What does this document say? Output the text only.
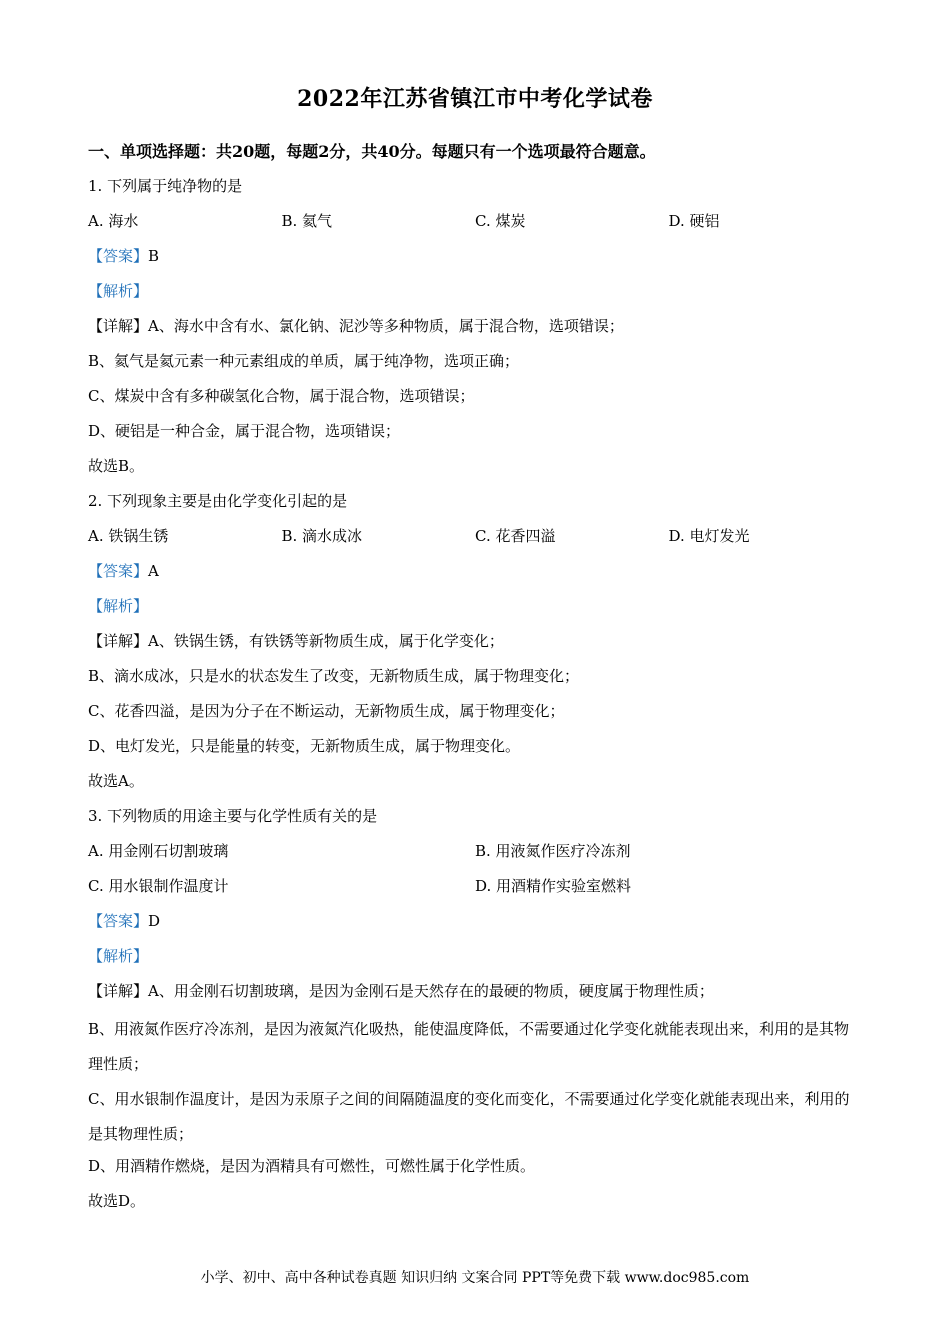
2022年江苏省镇江市中考化学试卷
一、单项选择题：共20题，每题2分，共40分。每题只有一个选项最符合题意。
1. 下列属于纯净物的是
A. 海水	B. 氦气	C. 煤炭	D. 硬铝
【答案】B
【解析】
【详解】A、海水中含有水、氯化钠、泥沙等多种物质，属于混合物，选项错误；
B、氦气是氦元素一种元素组成的单质，属于纯净物，选项正确；
C、煤炭中含有多种碳氢化合物，属于混合物，选项错误；
D、硬铝是一种合金，属于混合物，选项错误；
故选B。
2. 下列现象主要是由化学变化引起的是
A. 铁锅生锈	B. 滴水成冰	C. 花香四溢	D. 电灯发光
【答案】A
【解析】
【详解】A、铁锅生锈，有铁锈等新物质生成，属于化学变化；
B、滴水成冰，只是水的状态发生了改变，无新物质生成，属于物理变化；
C、花香四溢，是因为分子在不断运动，无新物质生成，属于物理变化；
D、电灯发光，只是能量的转变，无新物质生成，属于物理变化。
故选A。
3. 下列物质的用途主要与化学性质有关的是
A. 用金刚石切割玻璃	B. 用液氮作医疗冷冻剂
C. 用水银制作温度计	D. 用酒精作实验室燃料
【答案】D
【解析】
【详解】A、用金刚石切割玻璃，是因为金刚石是天然存在的最硬的物质，硬度属于物理性质；
B、用液氮作医疗冷冻剂，是因为液氮汽化吸热，能使温度降低，不需要通过化学变化就能表现出来，利用的是其物理性质；
C、用水银制作温度计，是因为汞原子之间的间隔随温度的变化而变化，不需要通过化学变化就能表现出来，利用的是其物理性质；
D、用酒精作燃烧，是因为酒精具有可燃性，可燃性属于化学性质。
故选D。
小学、初中、高中各种试卷真题 知识归纳 文案合同 PPT等免费下载 www.doc985.com
